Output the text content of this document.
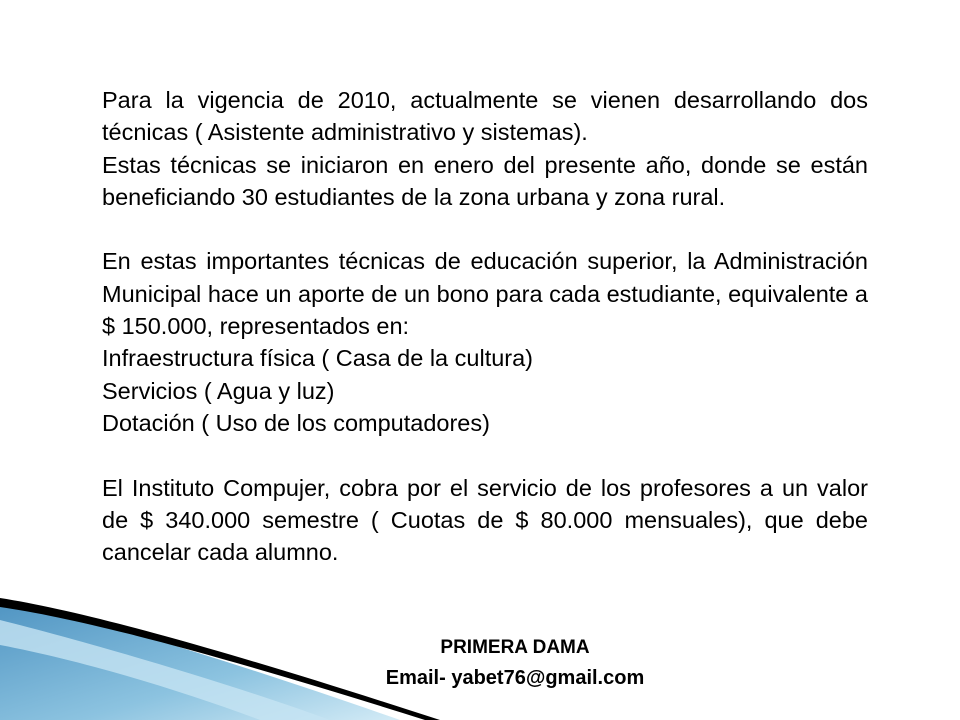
Para la vigencia de 2010, actualmente se vienen desarrollando dos técnicas ( Asistente administrativo y sistemas).

Estas técnicas se iniciaron en enero del presente año, donde se están beneficiando 30 estudiantes de la zona urbana y zona rural.

En estas importantes técnicas de educación superior, la Administración Municipal hace un aporte de un bono para cada estudiante, equivalente a $ 150.000, representados en:

Infraestructura física ( Casa de la cultura)

Servicios ( Agua y luz)

Dotación ( Uso de los computadores)

El Instituto Compujer, cobra por el servicio de los profesores a un valor de $ 340.000 semestre ( Cuotas de $ 80.000 mensuales), que debe cancelar cada alumno.

PRIMERA DAMA
Email- yabet76@gmail.com
